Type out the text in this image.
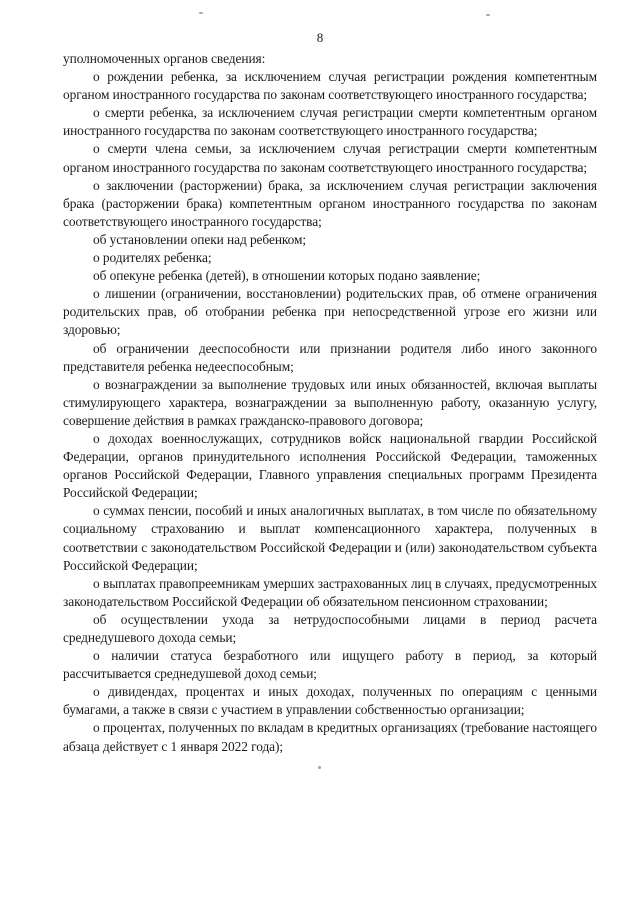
8

уполномоченных органов сведения:

о рождении ребенка, за исключением случая регистрации рождения компетентным органом иностранного государства по законам соответствующего иностранного государства;

о смерти ребенка, за исключением случая регистрации смерти компетентным органом иностранного государства по законам соответствующего иностранного государства;

о смерти члена семьи, за исключением случая регистрации смерти компетентным органом иностранного государства по законам соответствующего иностранного государства;

о заключении (расторжении) брака, за исключением случая регистрации заключения брака (расторжении брака) компетентным органом иностранного государства по законам соответствующего иностранного государства;

об установлении опеки над ребенком;

о родителях ребенка;

об опекуне ребенка (детей), в отношении которых подано заявление;

о лишении (ограничении, восстановлении) родительских прав, об отмене ограничения родительских прав, об отобрании ребенка при непосредственной угрозе его жизни или здоровью;

об ограничении дееспособности или признании родителя либо иного законного представителя ребенка недееспособным;

о вознаграждении за выполнение трудовых или иных обязанностей, включая выплаты стимулирующего характера, вознаграждении за выполненную работу, оказанную услугу, совершение действия в рамках гражданско-правового договора;

о доходах военнослужащих, сотрудников войск национальной гвардии Российской Федерации, органов принудительного исполнения Российской Федерации, таможенных органов Российской Федерации, Главного управления специальных программ Президента Российской Федерации;

о суммах пенсии, пособий и иных аналогичных выплатах, в том числе по обязательному социальному страхованию и выплат компенсационного характера, полученных в соответствии с законодательством Российской Федерации и (или) законодательством субъекта Российской Федерации;

о выплатах правопреемникам умерших застрахованных лиц в случаях, предусмотренных законодательством Российской Федерации об обязательном пенсионном страховании;

об осуществлении ухода за нетрудоспособными лицами в период расчета среднедушевого дохода семьи;

о наличии статуса безработного или ищущего работу в период, за который рассчитывается среднедушевой доход семьи;

о дивидендах, процентах и иных доходах, полученных по операциям с ценными бумагами, а также в связи с участием в управлении собственностью организации;

о процентах, полученных по вкладам в кредитных организациях (требование настоящего абзаца действует с 1 января 2022 года);
